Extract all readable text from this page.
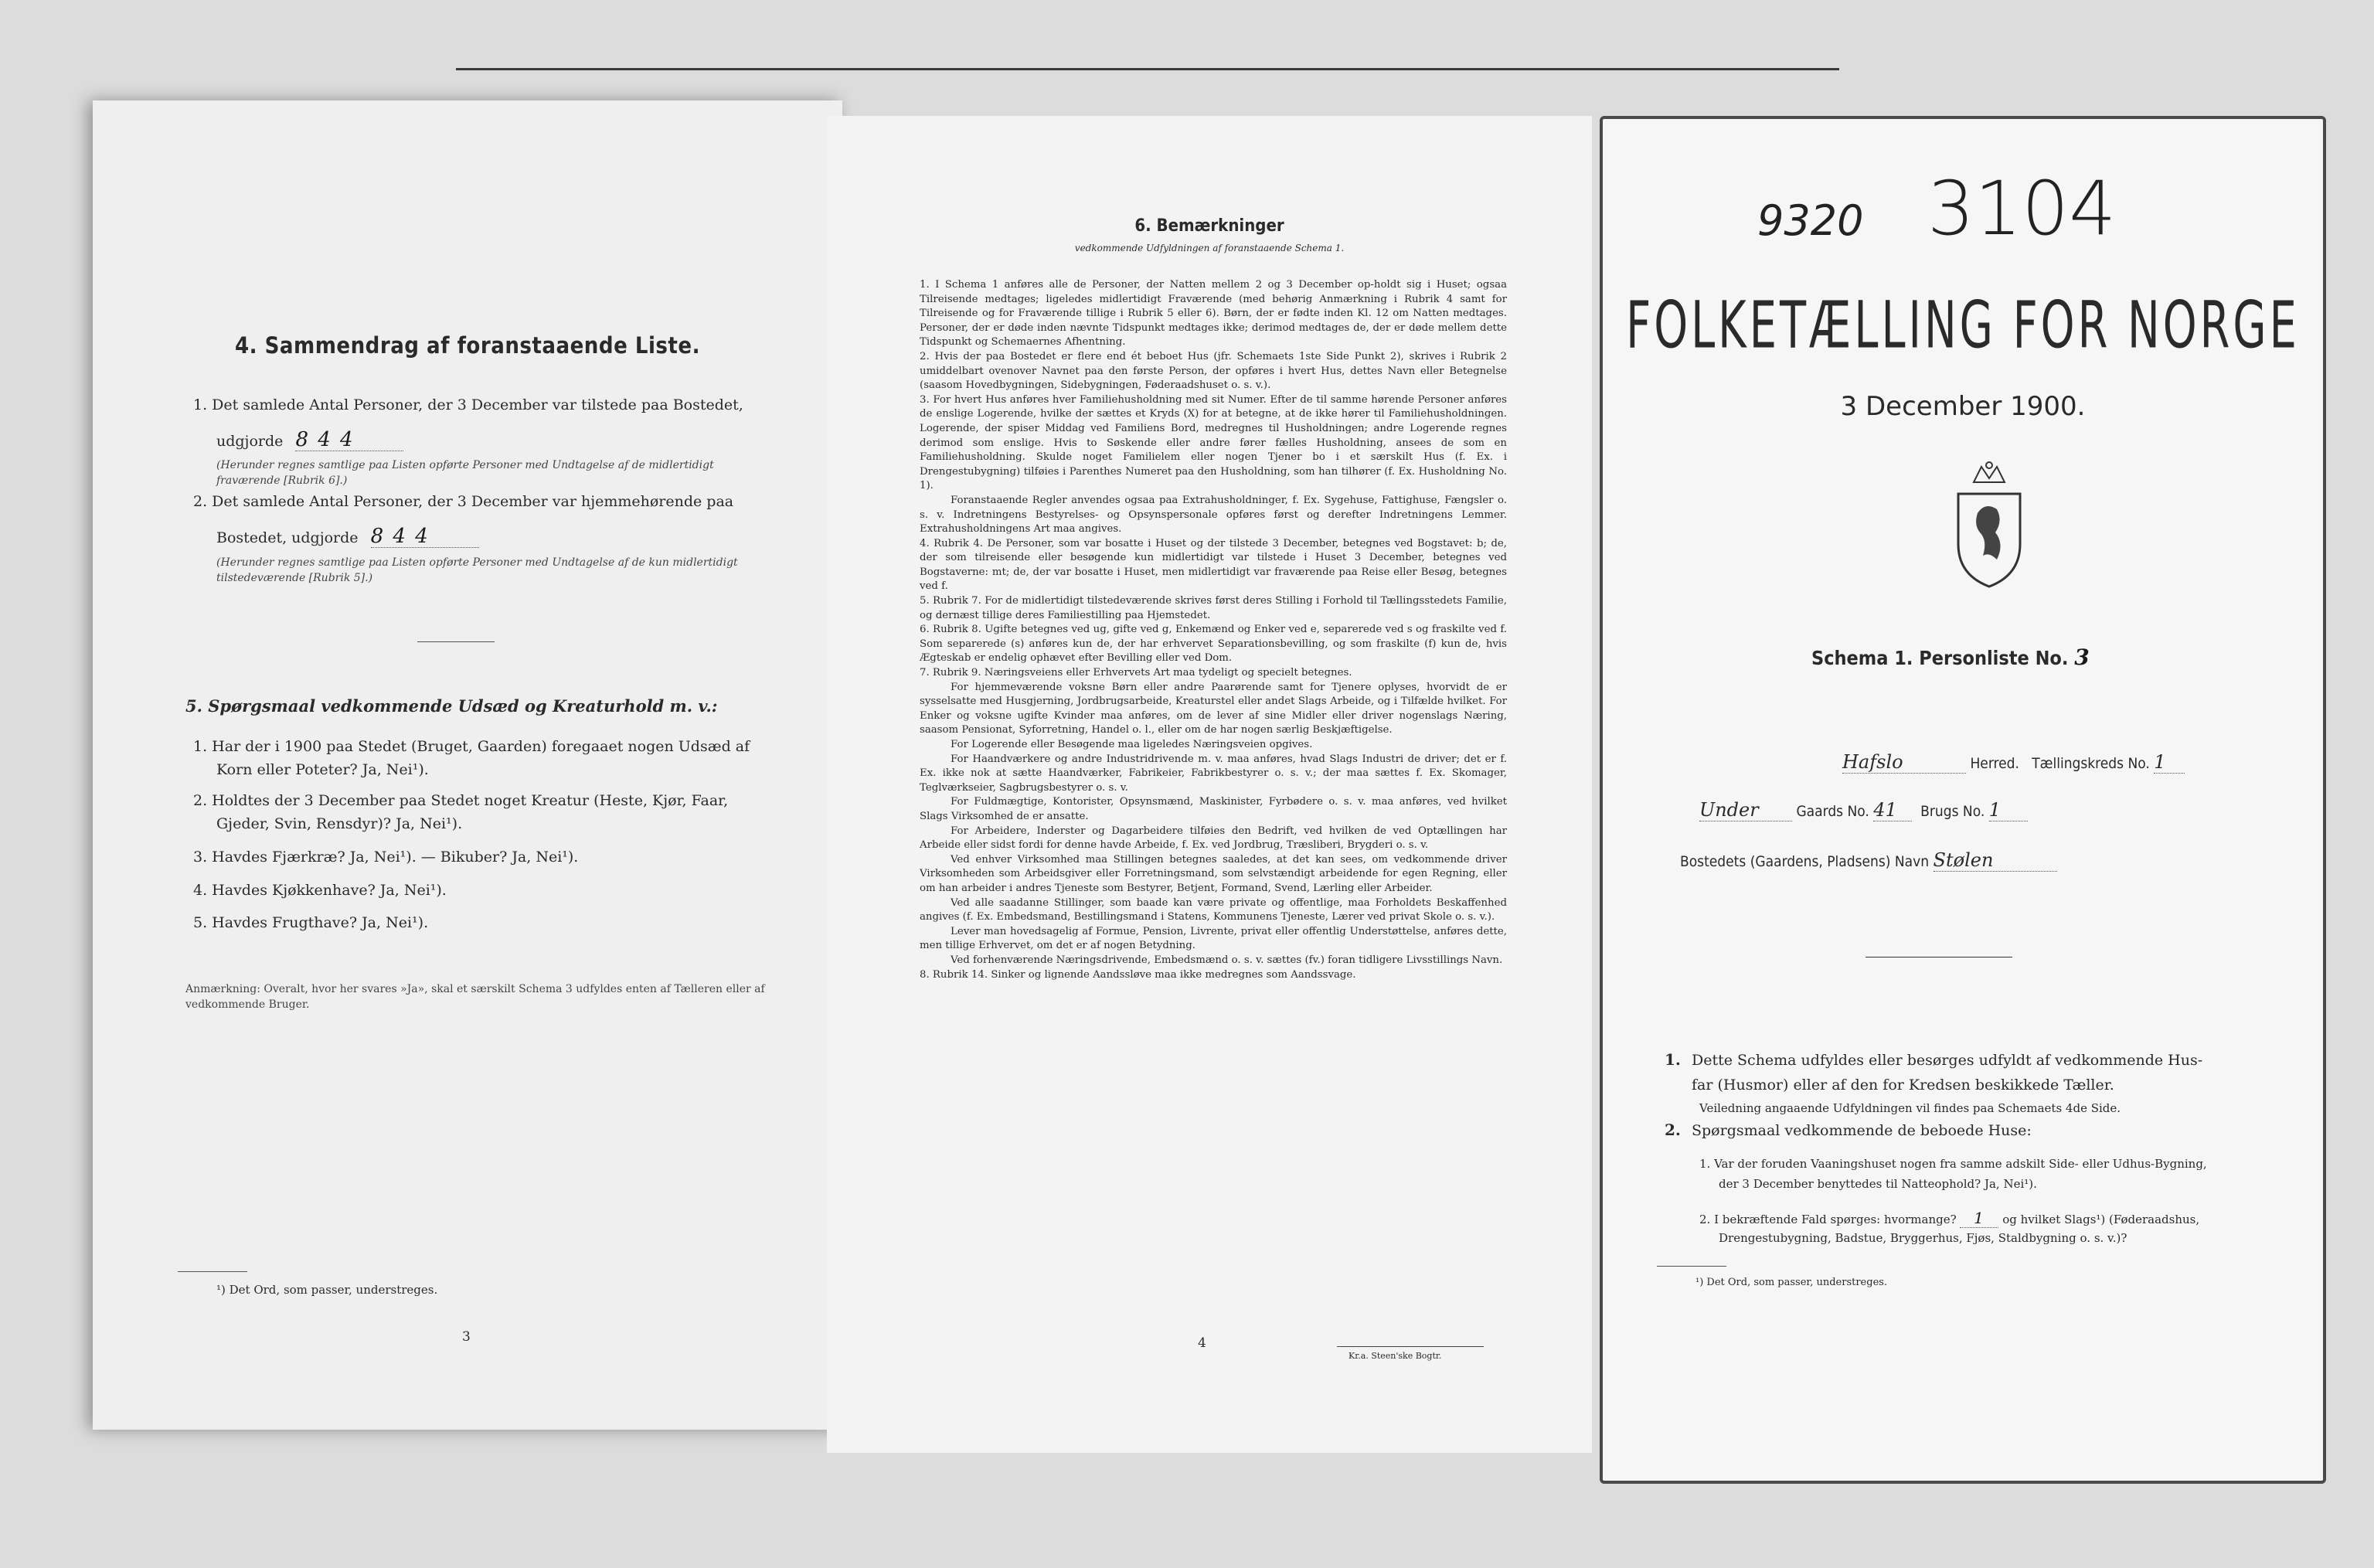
4. Sammendrag af foranstaaende Liste.
1. Det samlede Antal Personer, der 3 December var tilstede paa Bostedet,
udgjorde 8 4 4
(Herunder regnes samtlige paa Listen opførte Personer med Undtagelse af de midlertidigt fraværende [Rubrik 6].)
2. Det samlede Antal Personer, der 3 December var hjemmehørende paa
Bostedet, udgjorde 8 4 4
(Herunder regnes samtlige paa Listen opførte Personer med Undtagelse af de kun midlertidigt tilstedeværende [Rubrik 5].)
5. Spørgsmaal vedkommende Udsæd og Kreaturhold m. v.:
1. Har der i 1900 paa Stedet (Bruget, Gaarden) foregaaet nogen Udsæd af
Korn eller Poteter? Ja, Nei¹).
2. Holdtes der 3 December paa Stedet noget Kreatur (Heste, Kjør, Faar,
Gjeder, Svin, Rensdyr)? Ja, Nei¹).
3. Havdes Fjærkræ? Ja, Nei¹). — Bikuber? Ja, Nei¹).
4. Havdes Kjøkkenhave? Ja, Nei¹).
5. Havdes Frugthave? Ja, Nei¹).
Anmærkning: Overalt, hvor her svares »Ja», skal et særskilt Schema 3 udfyldes enten af Tælleren eller af vedkommende Bruger.
¹) Det Ord, som passer, understreges.
3
6. Bemærkninger
vedkommende Udfyldningen af foranstaaende Schema 1.

1. I Schema 1 anføres alle de Personer, der Natten mellem 2 og 3 December op-holdt sig i Huset; ogsaa Tilreisende medtages; ligeledes midlertidigt Fraværende (med behørig Anmærkning i Rubrik 4 samt for Tilreisende og for Fraværende tillige i Rubrik 5 eller 6). Børn, der er fødte inden Kl. 12 om Natten medtages. Personer, der er døde inden nævnte Tidspunkt medtages ikke; derimod medtages de, der er døde mellem dette Tidspunkt og Schemaernes Afhentning.

2. Hvis der paa Bostedet er flere end ét beboet Hus (jfr. Schemaets 1ste Side Punkt 2), skrives i Rubrik 2 umiddelbart ovenover Navnet paa den første Person, der opføres i hvert Hus, dettes Navn eller Betegnelse (saasom Hovedbygningen, Sidebygningen, Føderaadshuset o. s. v.).

3. For hvert Hus anføres hver Familiehusholdning med sit Numer. Efter de til samme hørende Personer anføres de enslige Logerende, hvilke der sættes et Kryds (X) for at betegne, at de ikke hører til Familiehusholdningen. Logerende, der spiser Middag ved Familiens Bord, medregnes til Husholdningen; andre Logerende regnes derimod som enslige. Hvis to Søskende eller andre fører fælles Husholdning, ansees de som en Familiehusholdning. Skulde noget Familielem eller nogen Tjener bo i et særskilt Hus (f. Ex. i Drengestubygning) tilføies i Parenthes Numeret paa den Husholdning, som han tilhører (f. Ex. Husholdning No. 1).

Foranstaaende Regler anvendes ogsaa paa Extrahusholdninger, f. Ex. Sygehuse, Fattighuse, Fængsler o. s. v. Indretningens Bestyrelses- og Opsynspersonale opføres først og derefter Indretningens Lemmer. Extrahusholdningens Art maa angives.

4. Rubrik 4. De Personer, som var bosatte i Huset og der tilstede 3 December, betegnes ved Bogstavet: b; de, der som tilreisende eller besøgende kun midlertidigt var tilstede i Huset 3 December, betegnes ved Bogstaverne: mt; de, der var bosatte i Huset, men midlertidigt var fraværende paa Reise eller Besøg, betegnes ved f.

5. Rubrik 7. For de midlertidigt tilstedeværende skrives først deres Stilling i Forhold til Tællingsstedets Familie, og dernæst tillige deres Familiestilling paa Hjemstedet.

6. Rubrik 8. Ugifte betegnes ved ug, gifte ved g, Enkemænd og Enker ved e, separerede ved s og fraskilte ved f. Som separerede (s) anføres kun de, der har erhvervet Separationsbevilling, og som fraskilte (f) kun de, hvis Ægteskab er endelig ophævet efter Bevilling eller ved Dom.

7. Rubrik 9. Næringsveiens eller Erhvervets Art maa tydeligt og specielt betegnes.

For hjemmeværende voksne Børn eller andre Paarørende samt for Tjenere oplyses, hvorvidt de er sysselsatte med Husgjerning, Jordbrugsarbeide, Kreaturstel eller andet Slags Arbeide, og i Tilfælde hvilket. For Enker og voksne ugifte Kvinder maa anføres, om de lever af sine Midler eller driver nogenslags Næring, saasom Pensionat, Syforretning, Handel o. l., eller om de har nogen særlig Beskjæftigelse.

For Logerende eller Besøgende maa ligeledes Næringsveien opgives.

For Haandværkere og andre Industridrivende m. v. maa anføres, hvad Slags Industri de driver; det er f. Ex. ikke nok at sætte Haandværker, Fabrikeier, Fabrikbestyrer o. s. v.; der maa sættes f. Ex. Skomager, Teglværkseier, Sagbrugsbestyrer o. s. v.

For Fuldmægtige, Kontorister, Opsynsmænd, Maskinister, Fyrbødere o. s. v. maa anføres, ved hvilket Slags Virksomhed de er ansatte.

For Arbeidere, Inderster og Dagarbeidere tilføies den Bedrift, ved hvilken de ved Optællingen har Arbeide eller sidst fordi for denne havde Arbeide, f. Ex. ved Jordbrug, Træsliberi, Brygderi o. s. v.

Ved enhver Virksomhed maa Stillingen betegnes saaledes, at det kan sees, om vedkommende driver Virksomheden som Arbeidsgiver eller Forretningsmand, som selvstændigt arbeidende for egen Regning, eller om han arbeider i andres Tjeneste som Bestyrer, Betjent, Formand, Svend, Lærling eller Arbeider.

Ved alle saadanne Stillinger, som baade kan være private og offentlige, maa Forholdets Beskaffenhed angives (f. Ex. Embedsmand, Bestillingsmand i Statens, Kommunens Tjeneste, Lærer ved privat Skole o. s. v.).

Lever man hovedsagelig af Formue, Pension, Livrente, privat eller offentlig Understøttelse, anføres dette, men tillige Erhvervet, om det er af nogen Betydning.

Ved forhenværende Næringsdrivende, Embedsmænd o. s. v. sættes (fv.) foran tidligere Livsstillings Navn.

8. Rubrik 14. Sinker og lignende Aandssløve maa ikke medregnes som Aandssvage.

4
Kr.a. Steen'ske Bogtr.
9320 3104
FOLKETÆLLING FOR NORGE
3 December 1900.
Schema 1. Personliste No. 3
Hafslo	Herred. Tællingskreds No. 1
Under	Gaards No. 41 Brugs No. 1
Bostedets (Gaardens, Pladsens) Navn Stølen
1. Dette Schema udfyldes eller besørges udfyldt af vedkommende Hus-
far (Husmor) eller af den for Kredsen beskikkede Tæller.
Veiledning angaaende Udfyldningen vil findes paa Schemaets 4de Side.
2. Spørgsmaal vedkommende de beboede Huse:
1. Var der foruden Vaaningshuset nogen fra samme adskilt Side- eller Udhus-Bygning,
der 3 December benyttedes til Natteophold? Ja, Nei¹).
2. I bekræftende Fald spørges: hvormange? 1 og hvilket Slags¹) (Føderaadshus,
Drengestubygning, Badstue, Bryggerhus, Fjøs, Staldbygning o. s. v.)?
¹) Det Ord, som passer, understreges.
